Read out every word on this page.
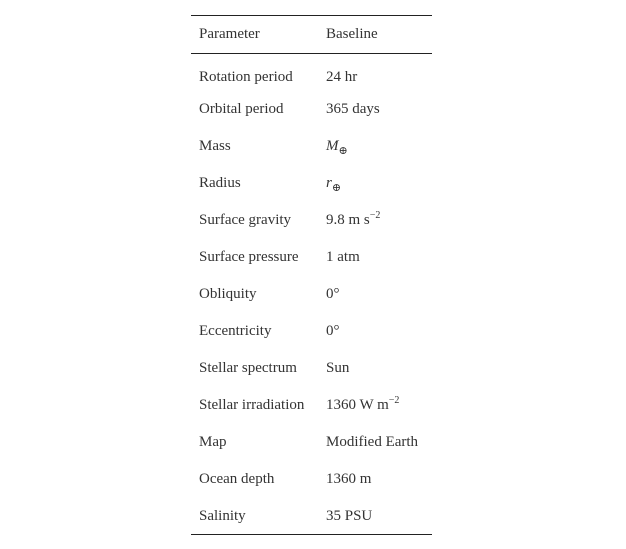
Parameter	Baseline
Rotation period	24 hr
Orbital period	365 days
Mass	$M_\oplus$
Radius	$r_\oplus$
Surface gravity	9.8 m $s^{-2}$
Surface pressure	1 atm
Obliquity	0°
Eccentricity	0°
Stellar spectrum	Sun
Stellar irradiation	1360 W $m^{-2}$
Map	Modified Earth
Ocean depth	1360 m
Salinity	35 PSU
